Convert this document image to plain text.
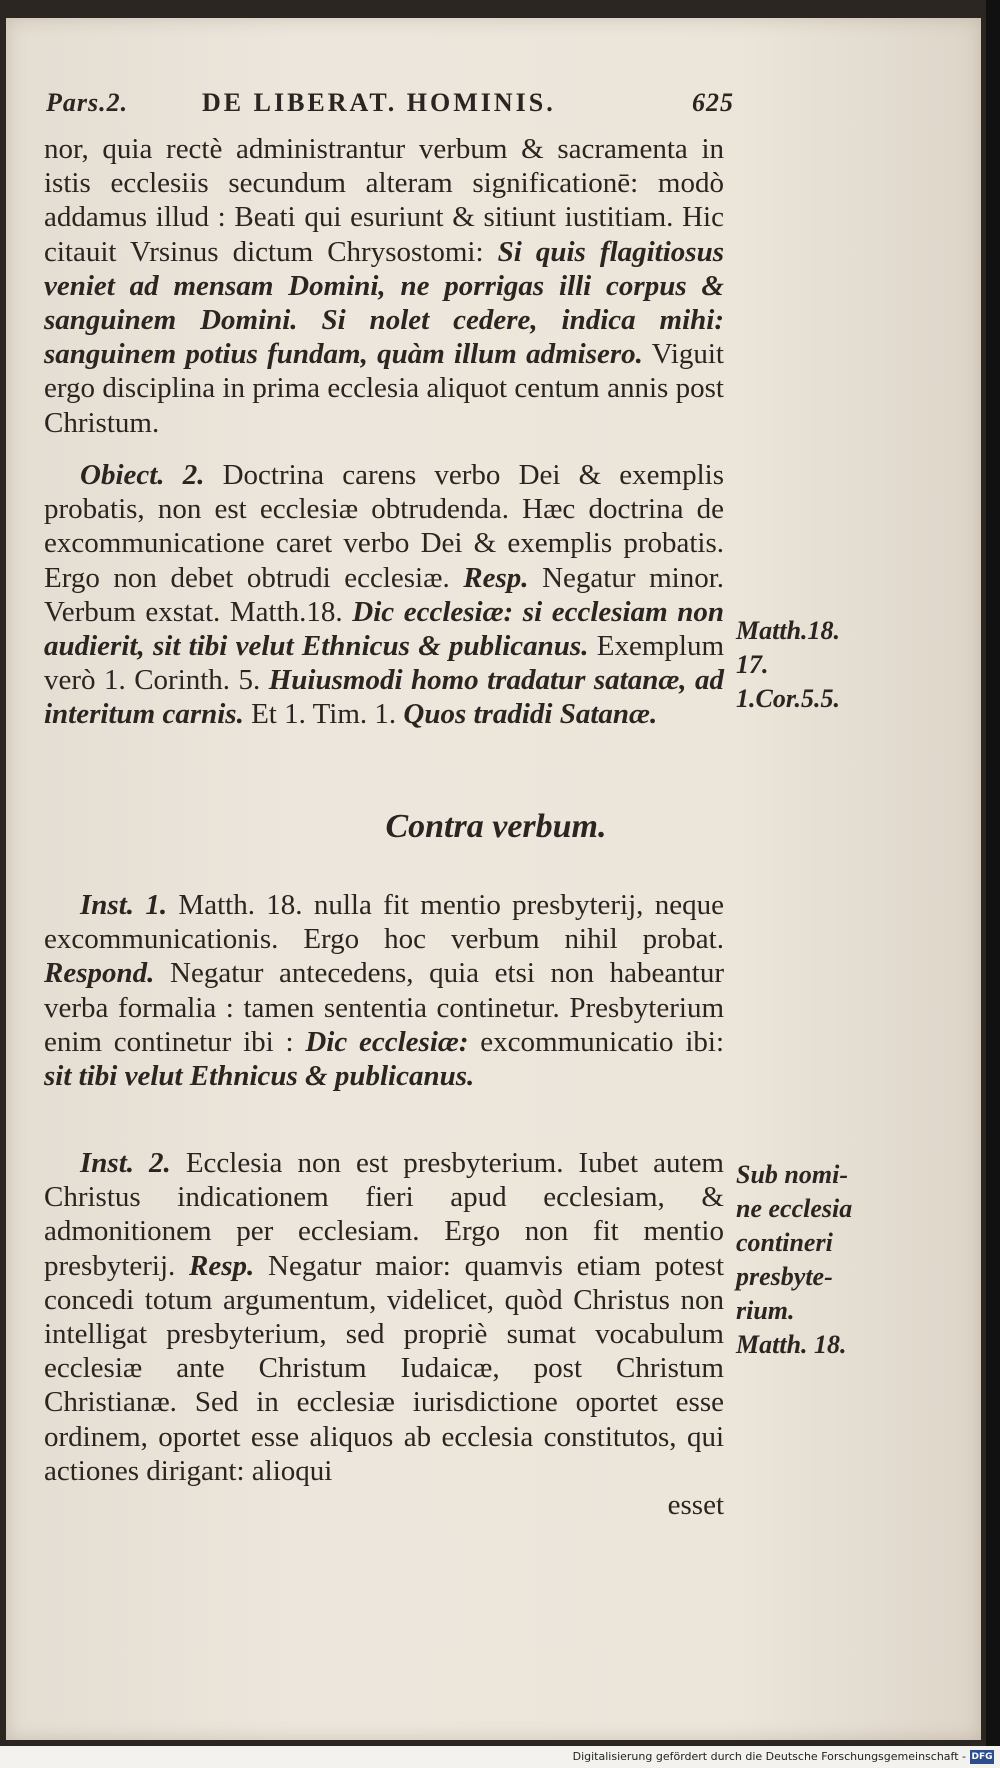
Pars.2.	DE LIBERAT. HOMINIS.	625

nor, quia rectè administrantur verbum & sacramenta in istis ecclesiis secundum alteram significationē: modò addamus illud : Beati qui esuriunt & sitiunt iustitiam. Hic citauit Vrsinus dictum Chrysostomi: Si quis flagitiosus veniet ad mensam Domini, ne porrigas illi corpus & sanguinem Domini. Si nolet cedere, indica mihi: sanguinem potius fundam, quàm illum admisero. Viguit ergo disciplina in prima ecclesia aliquot centum annis post Christum.

Obiect. 2. Doctrina carens verbo Dei & exemplis probatis, non est ecclesiæ obtrudenda. Hæc doctrina de excommunicatione caret verbo Dei & exemplis probatis. Ergo non debet obtrudi ecclesiæ. Resp. Negatur minor. Verbum exstat. Matth.18. Dic ecclesiæ: si ecclesiam non audierit, sit tibi velut Ethnicus & publicanus. Exemplum verò 1. Corinth. 5. Huiusmodi homo tradatur satanæ, ad interitum carnis. Et 1. Tim. 1. Quos tradidi Satanæ.

Contra verbum.

Inst. 1. Matth. 18. nulla fit mentio presbyterij, neque excommunicationis. Ergo hoc verbum nihil probat. Respond. Negatur antecedens, quia etsi non habeantur verba formalia : tamen sententia continetur. Presbyterium enim continetur ibi : Dic ecclesiæ: excommunicatio ibi: sit tibi velut Ethnicus & publicanus.

Inst. 2. Ecclesia non est presbyterium. Iubet autem Christus indicationem fieri apud ecclesiam, & admonitionem per ecclesiam. Ergo non fit mentio presbyterij. Resp. Negatur maior: quamvis etiam potest concedi totum argumentum, videlicet, quòd Christus non intelligat presbyterium, sed propriè sumat vocabulum ecclesiæ ante Christum Iudaicæ, post Christum Christianæ. Sed in ecclesiæ iurisdictione oportet esse ordinem, oportet esse aliquos ab ecclesia constitutos, qui actiones dirigant: alioqui

esset

Matth.18.
17.
1.Cor.5.5.
Sub nomi-
ne ecclesia
contineri
presbyte-
rium.
Matth. 18.
Digitalisierung gefördert durch die Deutsche Forschungsgemeinschaft - DFG
